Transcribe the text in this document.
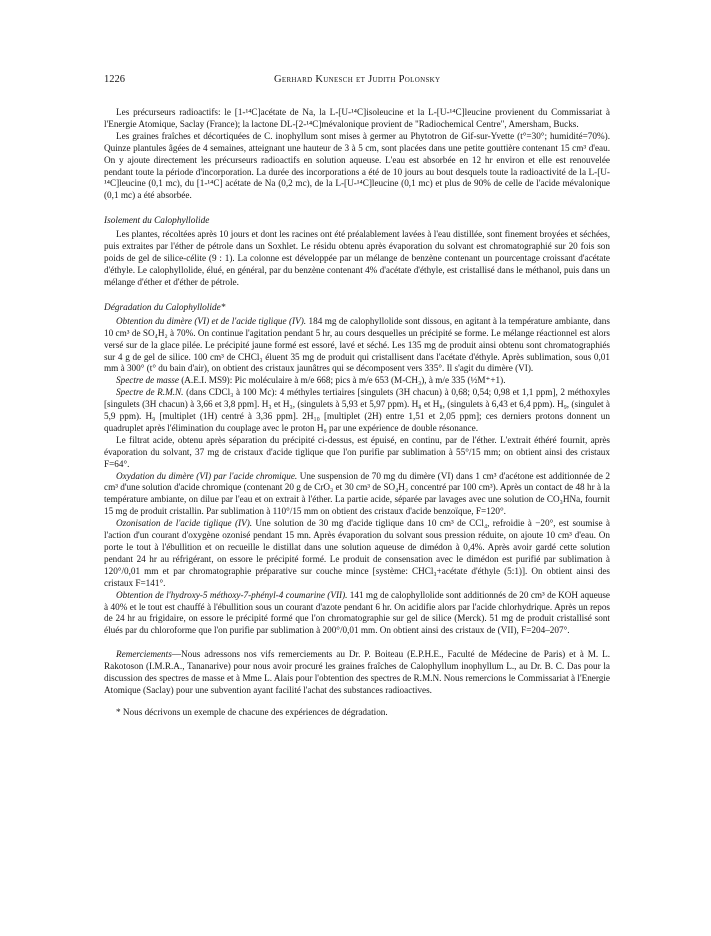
1226	Gerhard Kunesch et Judith Polonsky

Les précurseurs radioactifs: le [1-¹⁴C]acétate de Na, la L-[U-¹⁴C]isoleucine et la L-[U-¹⁴C]leucine provienent du Commissariat à l'Energie Atomique, Saclay (France); la lactone DL-[2-¹⁴C]mévalonique provient de "Radiochemical Centre", Amersham, Bucks.

Les graines fraîches et décortiquées de C. inophyllum sont mises à germer au Phytotron de Gif-sur-Yvette (t°=30°; humidité=70%). Quinze plantules âgées de 4 semaines, atteignant une hauteur de 3 à 5 cm, sont placées dans une petite gouttière contenant 15 cm³ d'eau. On y ajoute directement les précurseurs radioactifs en solution aqueuse. L'eau est absorbée en 12 hr environ et elle est renouvelée pendant toute la période d'incorporation. La durée des incorporations a été de 10 jours au bout desquels toute la radioactivité de la L-[U-¹⁴C]leucine (0,1 mc), du [1-¹⁴C] acétate de Na (0,2 mc), de la L-[U-¹⁴C]leucine (0,1 mc) et plus de 90% de celle de l'acide mévalonique (0,1 mc) a été absorbée.

Isolement du Calophyllolide

Les plantes, récoltées après 10 jours et dont les racines ont été préalablement lavées à l'eau distillée, sont finement broyées et séchées, puis extraites par l'éther de pétrole dans un Soxhlet. Le résidu obtenu après évaporation du solvant est chromatographié sur 20 fois son poids de gel de silice-célite (9 : 1). La colonne est développée par un mélange de benzène contenant un pourcentage croissant d'acétate d'éthyle. Le calophyllolide, élué, en général, par du benzène contenant 4% d'acétate d'éthyle, est cristallisé dans le méthanol, puis dans un mélange d'éther et d'éther de pétrole.

Dégradation du Calophyllolide*

Obtention du dimère (VI) et de l'acide tiglique (IV). 184 mg de calophyllolide sont dissous, en agitant à la température ambiante, dans 10 cm³ de SO₄H₂ à 70%. On continue l'agitation pendant 5 hr, au cours desquelles un précipité se forme. Le mélange réactionnel est alors versé sur de la glace pilée. Le précipité jaune formé est essoré, lavé et séché. Les 135 mg de produit ainsi obtenu sont chromatographiés sur 4 g de gel de silice. 100 cm³ de CHCl₃ éluent 35 mg de produit qui cristallisent dans l'acétate d'éthyle. Après sublimation, sous 0,01 mm à 300° (t° du bain d'air), on obtient des cristaux jaunâtres qui se décomposent vers 335°. Il s'agit du dimère (VI).

Spectre de masse (A.E.I. MS9): Pic moléculaire à m/e 668; pics à m/e 653 (M-CH₃), à m/e 335 (½M⁺+1).

Spectre de R.M.N. (dans CDCl₃ à 100 Mc): 4 méthyles tertiaires [singulets (3H chacun) à 0,68; 0,54; 0,98 et 1,1 ppm], 2 méthoxyles [singulets (3H chacun) à 3,66 et 3,8 ppm]. H₃ et H₃, (singulets à 5,93 et 5,97 ppm). H₈ et H₈, (singulets à 6,43 et 6,4 ppm). H₉, (singulet à 5,9 ppm). H₉ [multiplet (1H) centré à 3,36 ppm]. 2H₁₀ [multiplet (2H) entre 1,51 et 2,05 ppm]; ces derniers protons donnent un quadruplet après l'élimination du couplage avec le proton H₉ par une expérience de double résonance.

Le filtrat acide, obtenu après séparation du précipité ci-dessus, est épuisé, en continu, par de l'éther. L'extrait éthéré fournit, après évaporation du solvant, 37 mg de cristaux d'acide tiglique que l'on purifie par sublimation à 55°/15 mm; on obtient ainsi des cristaux F=64°.

Oxydation du dimère (VI) par l'acide chromique. Une suspension de 70 mg du dimère (VI) dans 1 cm³ d'acétone est additionnée de 2 cm³ d'une solution d'acide chromique (contenant 20 g de CrO₃ et 30 cm³ de SO₄H₂ concentré par 100 cm³). Après un contact de 48 hr à la température ambiante, on dilue par l'eau et on extrait à l'éther. La partie acide, séparée par lavages avec une solution de CO₃HNa, fournit 15 mg de produit cristallin. Par sublimation à 110°/15 mm on obtient des cristaux d'acide benzoïque, F=120°.

Ozonisation de l'acide tiglique (IV). Une solution de 30 mg d'acide tiglique dans 10 cm³ de CCl₄, refroidie à −20°, est soumise à l'action d'un courant d'oxygène ozonisé pendant 15 mn. Après évaporation du solvant sous pression réduite, on ajoute 10 cm³ d'eau. On porte le tout à l'ébullition et on recueille le distillat dans une solution aqueuse de dimédon à 0,4%. Après avoir gardé cette solution pendant 24 hr au réfrigérant, on essore le précipité formé. Le produit de consensation avec le dimédon est purifié par sublimation à 120°/0,01 mm et par chromatographie préparative sur couche mince [système: CHCl₃+acétate d'éthyle (5:1)]. On obtient ainsi des cristaux F=141°.

Obtention de l'hydroxy-5 méthoxy-7-phényl-4 coumarine (VII). 141 mg de calophyllolide sont additionnés de 20 cm³ de KOH aqueuse à 40% et le tout est chauffé à l'ébullition sous un courant d'azote pendant 6 hr. On acidifie alors par l'acide chlorhydrique. Après un repos de 24 hr au frigidaire, on essore le précipité formé que l'on chromatographie sur gel de silice (Merck). 51 mg de produit cristallisé sont élués par du chloroforme que l'on purifie par sublimation à 200°/0,01 mm. On obtient ainsi des cristaux de (VII), F=204–207°.

Remerciements—Nous adressons nos vifs remerciements au Dr. P. Boiteau (E.P.H.E., Faculté de Médecine de Paris) et à M. L. Rakotoson (I.M.R.A., Tananarive) pour nous avoir procuré les graines fraîches de Calophyllum inophyllum L., au Dr. B. C. Das pour la discussion des spectres de masse et à Mme L. Alais pour l'obtention des spectres de R.M.N. Nous remercions le Commissariat à l'Energie Atomique (Saclay) pour une subvention ayant facilité l'achat des substances radioactives.

* Nous décrivons un exemple de chacune des expériences de dégradation.
